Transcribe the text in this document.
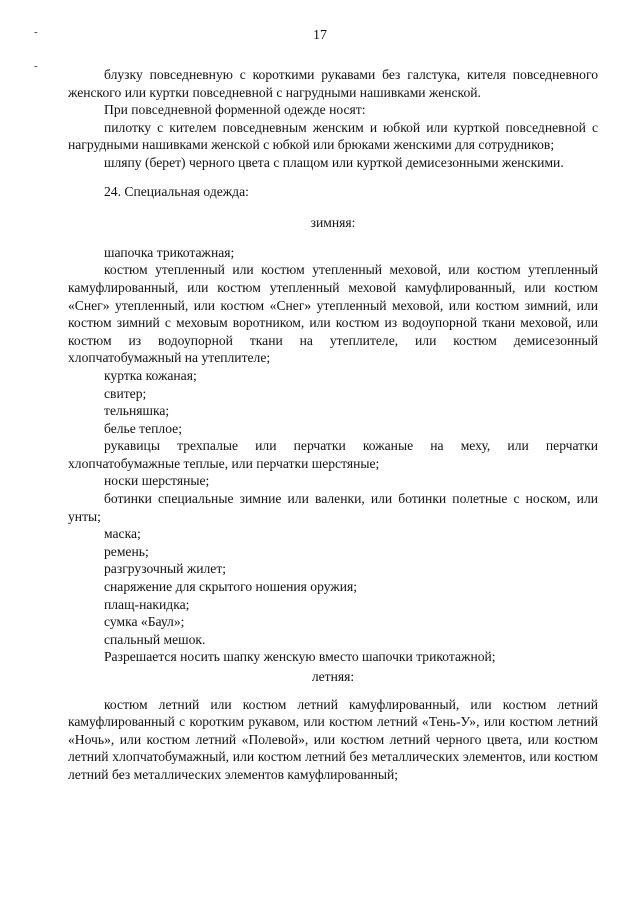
17
-
-

блузку повседневную с короткими рукавами без галстука, кителя повседневного женского или куртки повседневной с нагрудными нашивками женской.

При повседневной форменной одежде носят:

пилотку с кителем повседневным женским и юбкой или курткой повседневной с нагрудными нашивками женской с юбкой или брюками женскими для сотрудников;

шляпу (берет) черного цвета с плащом или курткой демисезонными женскими.

24. Специальная одежда:

зимняя:

шапочка трикотажная;

костюм утепленный или костюм утепленный меховой, или костюм утепленный камуфлированный, или костюм утепленный меховой камуфлированный, или костюм «Снег» утепленный, или костюм «Снег» утепленный меховой, или костюм зимний, или костюм зимний с меховым воротником, или костюм из водоупорной ткани меховой, или костюм из водоупорной ткани на утеплителе, или костюм демисезонный хлопчатобумажный на утеплителе;

куртка кожаная;

свитер;

тельняшка;

белье теплое;

рукавицы трехпалые или перчатки кожаные на меху, или перчатки хлопчатобумажные теплые, или перчатки шерстяные;

носки шерстяные;

ботинки специальные зимние или валенки, или ботинки полетные с носком, или унты;

маска;

ремень;

разгрузочный жилет;

снаряжение для скрытого ношения оружия;

плащ-накидка;

сумка «Баул»;

спальный мешок.

Разрешается носить шапку женскую вместо шапочки трикотажной;

летняя:

костюм летний или костюм летний камуфлированный, или костюм летний камуфлированный с коротким рукавом, или костюм летний «Тень-У», или костюм летний «Ночь», или костюм летний «Полевой», или костюм летний черного цвета, или костюм летний хлопчатобумажный, или костюм летний без металлических элементов, или костюм летний без металлических элементов камуфлированный;
